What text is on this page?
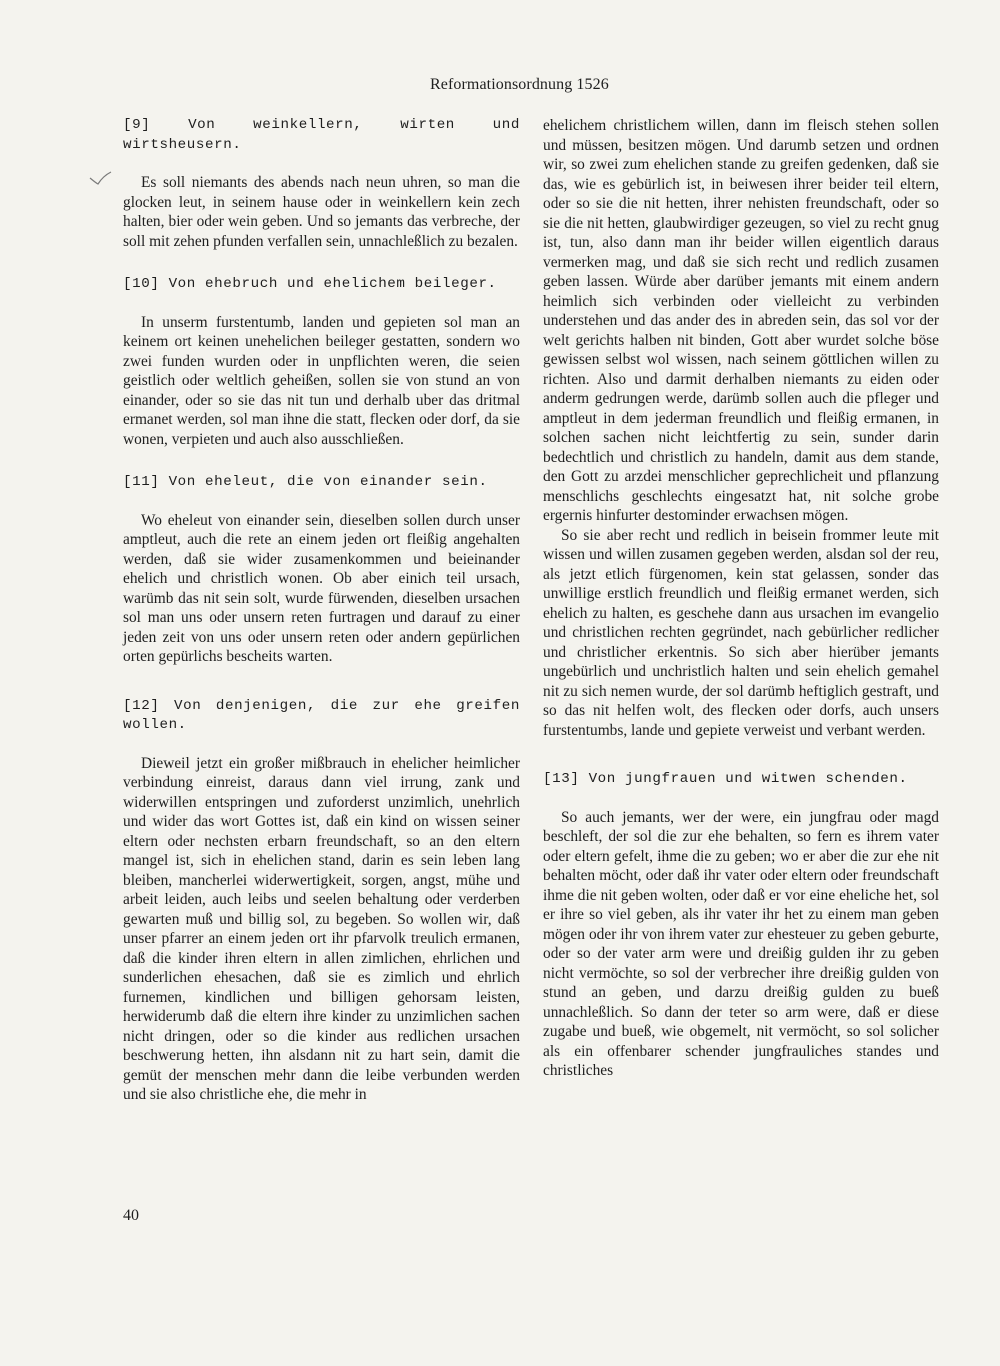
Reformationsordnung 1526

[9] Von weinkellern, wirten und wirtsheusern.

Es soll niemants des abends nach neun uhren, so man die glocken leut, in seinem hause oder in weinkellern kein zech halten, bier oder wein geben. Und so jemants das verbreche, der soll mit zehen pfunden verfallen sein, unnachleßlich zu bezalen.

[10] Von ehebruch und ehelichem beileger.

In unserm furstentumb, landen und gepieten sol man an keinem ort keinen unehelichen beileger gestatten, sondern wo zwei funden wurden oder in unpflichten weren, die seien geistlich oder weltlich geheißen, sollen sie von stund an von einander, oder so sie das nit tun und derhalb uber das dritmal ermanet werden, sol man ihne die statt, flecken oder dorf, da sie wonen, verpieten und auch also ausschließen.

[11] Von eheleut, die von einander sein.

Wo eheleut von einander sein, dieselben sollen durch unser amptleut, auch die rete an einem jeden ort fleißig angehalten werden, daß sie wider zusamenkommen und beieinander ehelich und christlich wonen. Ob aber einich teil ursach, warümb das nit sein solt, wurde fürwenden, dieselben ursachen sol man uns oder unsern reten furtragen und darauf zu einer jeden zeit von uns oder unsern reten oder andern gepürlichen orten gepürlichs bescheits warten.

[12] Von denjenigen, die zur ehe greifen wollen.

Dieweil jetzt ein großer mißbrauch in ehelicher heimlicher verbindung einreist, daraus dann viel irrung, zank und widerwillen entspringen und zuforderst unzimlich, unehrlich und wider das wort Gottes ist, daß ein kind on wissen seiner eltern oder nechsten erbarn freundschaft, so an den eltern mangel ist, sich in ehelichen stand, darin es sein leben lang bleiben, mancherlei widerwertigkeit, sorgen, angst, mühe und arbeit leiden, auch leibs und seelen behaltung oder verderben gewarten muß und billig sol, zu begeben. So wollen wir, daß unser pfarrer an einem jeden ort ihr pfarvolk treulich ermanen, daß die kinder ihren eltern in allen zimlichen, ehrlichen und sunderlichen ehesachen, daß sie es zimlich und ehrlich furnemen, kindlichen und billigen gehorsam leisten, herwiderumb daß die eltern ihre kinder zu unzimlichen sachen nicht dringen, oder so die kinder aus redlichen ursachen beschwerung hetten, ihn alsdann nit zu hart sein, damit die gemüt der menschen mehr dann die leibe verbunden werden und sie also christliche ehe, die mehr in

ehelichem christlichem willen, dann im fleisch stehen sollen und müssen, besitzen mögen. Und darumb setzen und ordnen wir, so zwei zum ehelichen stande zu greifen gedenken, daß sie das, wie es gebürlich ist, in beiwesen ihrer beider teil eltern, oder so sie die nit hetten, ihrer nehisten freundschaft, oder so sie die nit hetten, glaubwirdiger gezeugen, so viel zu recht gnug ist, tun, also dann man ihr beider willen eigentlich daraus vermerken mag, und daß sie sich recht und redlich zusamen geben lassen. Würde aber darüber jemants mit einem andern heimlich sich verbinden oder vielleicht zu verbinden understehen und das ander des in abreden sein, das sol vor der welt gerichts halben nit binden, Gott aber wurdet solche böse gewissen selbst wol wissen, nach seinem göttlichen willen zu richten. Also und darmit derhalben niemants zu eiden oder anderm gedrungen werde, darümb sollen auch die pfleger und amptleut in dem jederman freundlich und fleißig ermanen, in solchen sachen nicht leichtfertig zu sein, sunder darin bedechtlich und christlich zu handeln, damit aus dem stande, den Gott zu arzdei menschlicher geprechlicheit und pflanzung menschlichs geschlechts eingesatzt hat, nit solche grobe ergernis hinfurter destominder erwachsen mögen.

So sie aber recht und redlich in beisein frommer leute mit wissen und willen zusamen gegeben werden, alsdan sol der reu, als jetzt etlich fürgenomen, kein stat gelassen, sonder das unwillige erstlich freundlich und fleißig ermanet werden, sich ehelich zu halten, es geschehe dann aus ursachen im evangelio und christlichen rechten gegründet, nach gebürlicher redlicher und christlicher erkentnis. So sich aber hierüber jemants ungebürlich und unchristlich halten und sein ehelich gemahel nit zu sich nemen wurde, der sol darümb heftiglich gestraft, und so das nit helfen wolt, des flecken oder dorfs, auch unsers furstentumbs, lande und gepiete verweist und verbant werden.

[13] Von jungfrauen und witwen schenden.

So auch jemants, wer der were, ein jungfrau oder magd beschleft, der sol die zur ehe behalten, so fern es ihrem vater oder eltern gefelt, ihme die zu geben; wo er aber die zur ehe nit behalten möcht, oder daß ihr vater oder eltern oder freundschaft ihme die nit geben wolten, oder daß er vor eine eheliche het, sol er ihre so viel geben, als ihr vater ihr het zu einem man geben mögen oder ihr von ihrem vater zur ehesteuer zu geben geburte, oder so der vater arm were und dreißig gulden ihr zu geben nicht vermöchte, so sol der verbrecher ihre dreißig gulden von stund an geben, und darzu dreißig gulden zu bueß unnachleßlich. So dann der teter so arm were, daß er diese zugabe und bueß, wie obgemelt, nit vermöcht, so sol solicher als ein offenbarer schender jungfrauliches standes und christliches

40
